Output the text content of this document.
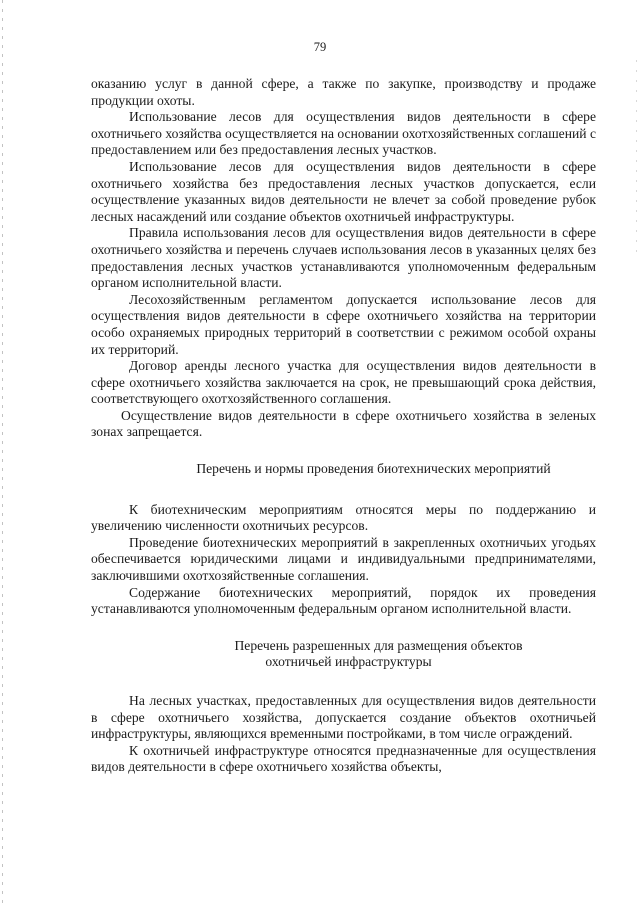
79

оказанию услуг в данной сфере, а также по закупке, производству и продаже продукции охоты.

Использование лесов для осуществления видов деятельности в сфере охотничьего хозяйства осуществляется на основании охотхозяйственных соглашений с предоставлением или без предоставления лесных участков.

Использование лесов для осуществления видов деятельности в сфере охотничьего хозяйства без предоставления лесных участков допускается, если осуществление указанных видов деятельности не влечет за собой проведение рубок лесных насаждений или создание объектов охотничьей инфраструктуры.

Правила использования лесов для осуществления видов деятельности в сфере охотничьего хозяйства и перечень случаев использования лесов в указанных целях без предоставления лесных участков устанавливаются уполномоченным федеральным органом исполнительной власти.

Лесохозяйственным регламентом допускается использование лесов для осуществления видов деятельности в сфере охотничьего хозяйства на территории особо охраняемых природных территорий в соответствии с режимом особой охраны их территорий.

Договор аренды лесного участка для осуществления видов деятельности в сфере охотничьего хозяйства заключается на срок, не превышающий срока действия, соответствующего охотхозяйственного соглашения.

Осуществление видов деятельности в сфере охотничьего хозяйства в зеленых зонах запрещается.

Перечень и нормы проведения биотехнических мероприятий

К биотехническим мероприятиям относятся меры по поддержанию и увеличению численности охотничьих ресурсов.

Проведение биотехнических мероприятий в закрепленных охотничьих угодьях обеспечивается юридическими лицами и индивидуальными предпринимателями, заключившими охотхозяйственные соглашения.

Содержание биотехнических мероприятий, порядок их проведения устанавливаются уполномоченным федеральным органом исполнительной власти.

Перечень разрешенных для размещения объектов
охотничьей инфраструктуры

На лесных участках, предоставленных для осуществления видов деятельности в сфере охотничьего хозяйства, допускается создание объектов охотничьей инфраструктуры, являющихся временными постройками, в том числе ограждений.

К охотничьей инфраструктуре относятся предназначенные для осуществления видов деятельности в сфере охотничьего хозяйства объекты,
